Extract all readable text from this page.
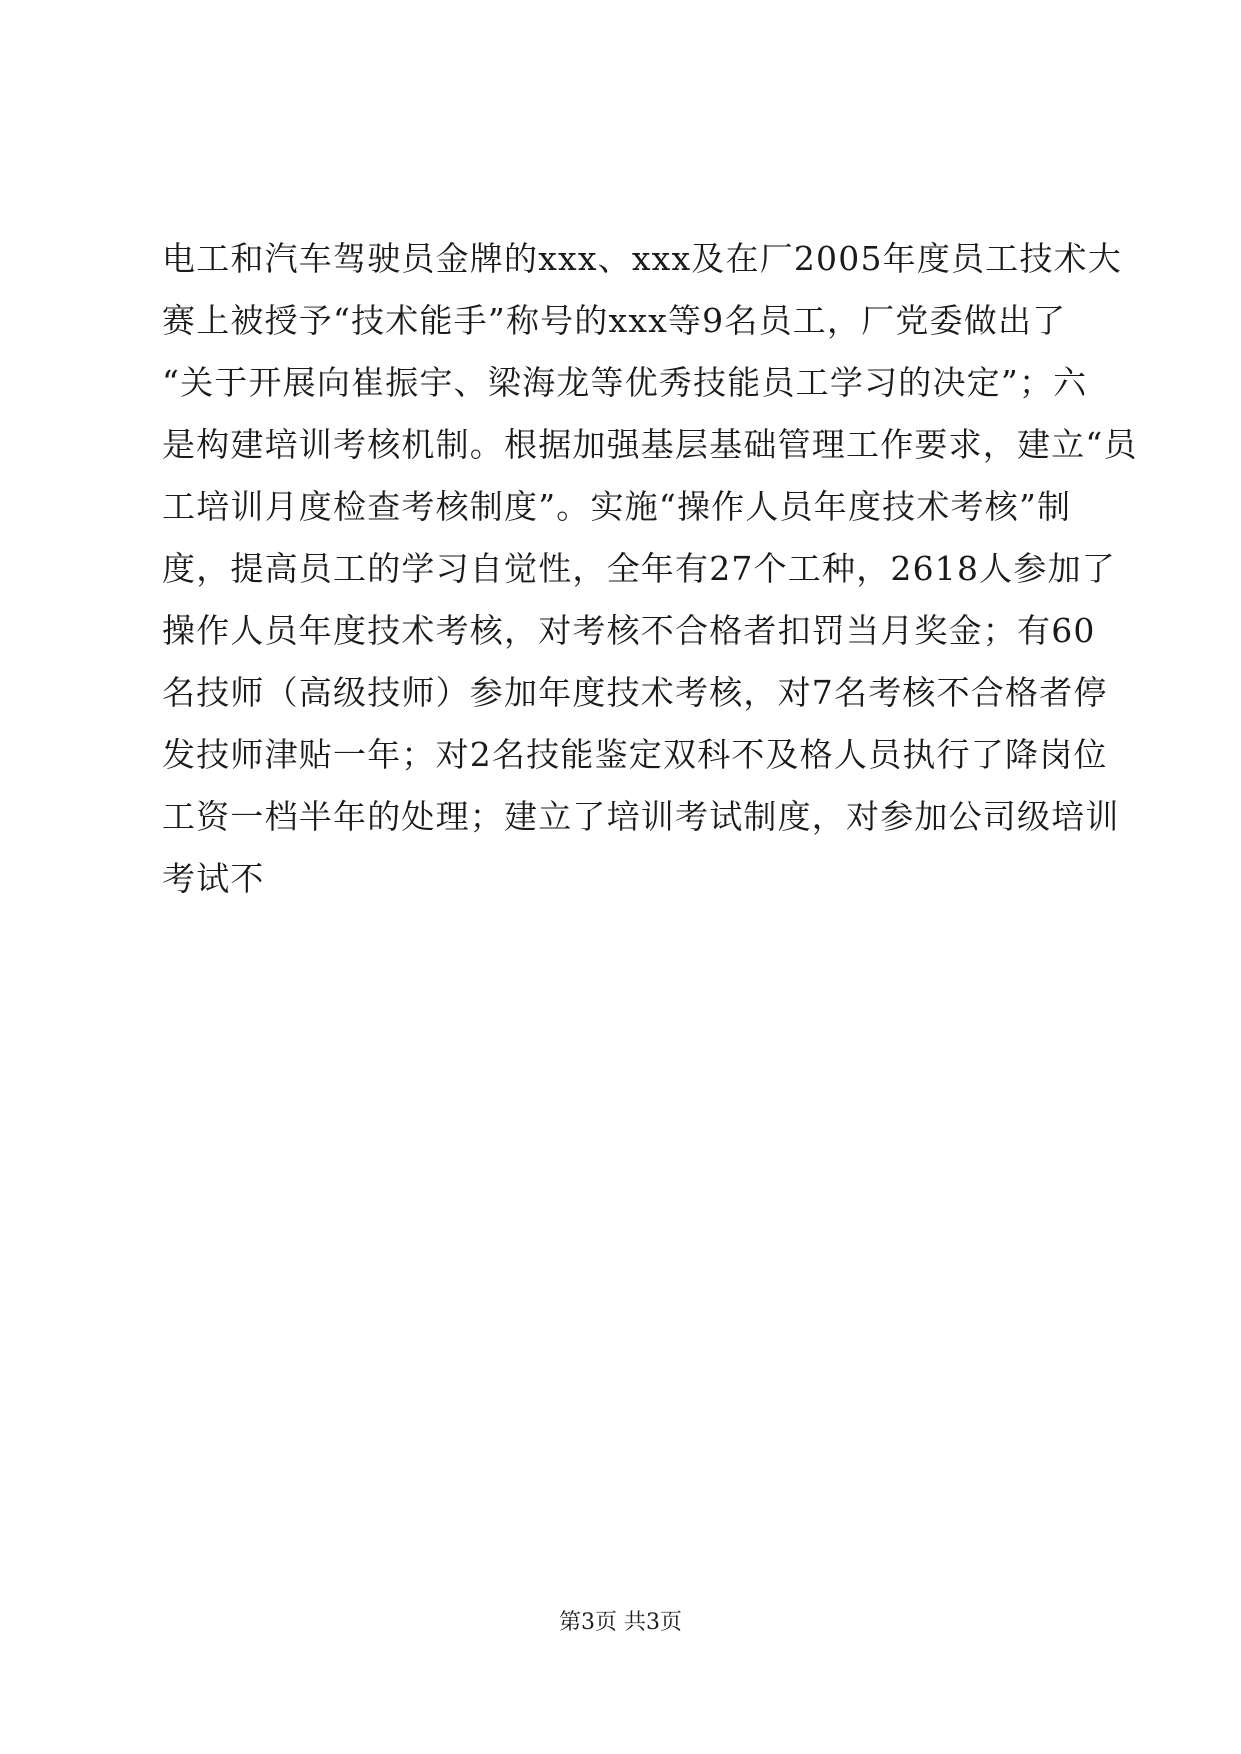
电工和汽车驾驶员金牌的xxx、xxx及在厂2005年度员工技术大
赛上被授予“技术能手”称号的xxx等9名员工，厂党委做出了
“关于开展向崔振宇、梁海龙等优秀技能员工学习的决定”；六
是构建培训考核机制。根据加强基层基础管理工作要求，建立“员
工培训月度检查考核制度”。实施“操作人员年度技术考核”制
度，提高员工的学习自觉性，全年有27个工种，2618人参加了
操作人员年度技术考核，对考核不合格者扣罚当月奖金；有60
名技师（高级技师）参加年度技术考核，对7名考核不合格者停
发技师津贴一年；对2名技能鉴定双科不及格人员执行了降岗位
工资一档半年的处理；建立了培训考试制度，对参加公司级培训
考试不
第3页 共3页
